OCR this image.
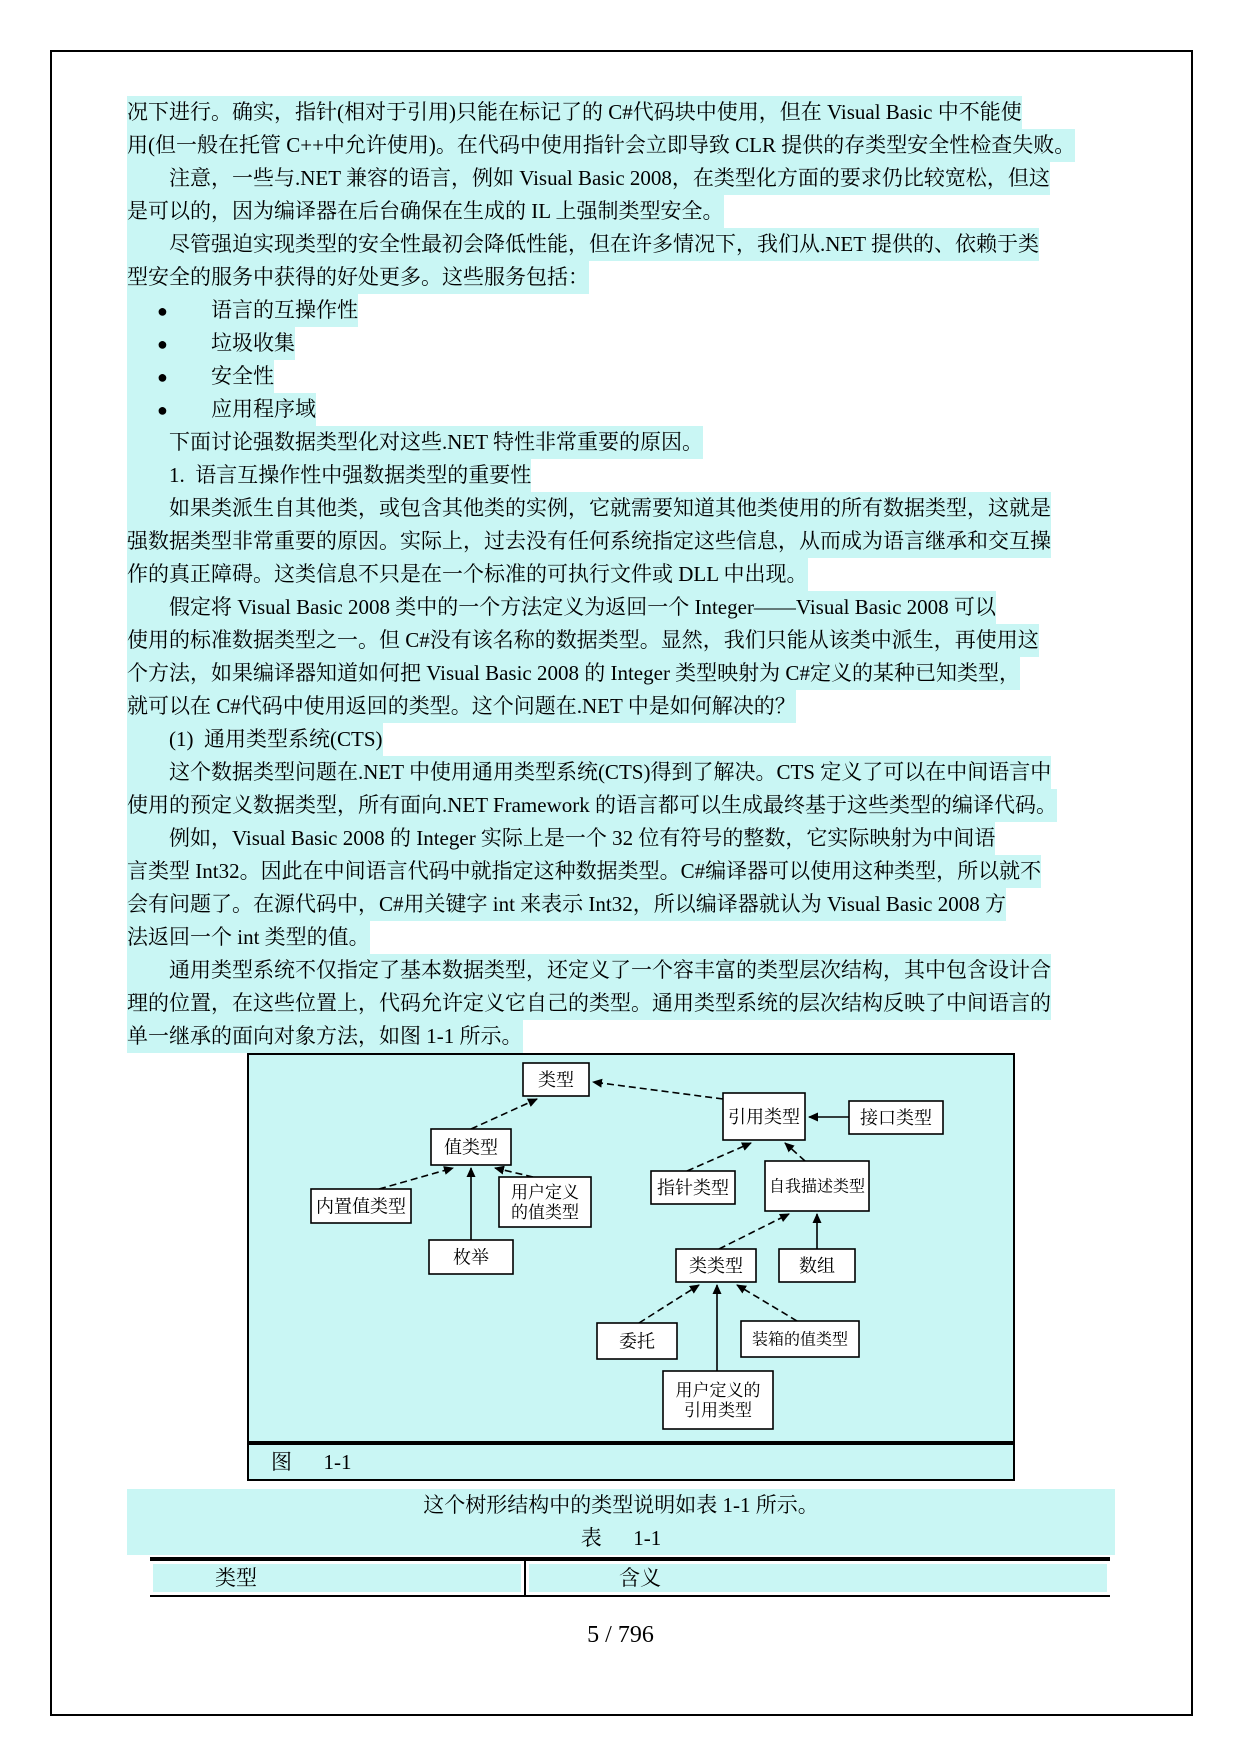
况下进行。确实，指针(相对于引用)只能在标记了的 C#代码块中使用，但在 Visual Basic 中不能使
用(但一般在托管 C++中允许使用)。在代码中使用指针会立即导致 CLR 提供的存类型安全性检查失败。
注意，一些与.NET 兼容的语言，例如 Visual Basic 2008，在类型化方面的要求仍比较宽松，但这
是可以的，因为编译器在后台确保在生成的 IL 上强制类型安全。
尽管强迫实现类型的安全性最初会降低性能，但在许多情况下，我们从.NET 提供的、依赖于类
型安全的服务中获得的好处更多。这些服务包括：
● 语言的互操作性
● 垃圾收集
● 安全性
● 应用程序域
下面讨论强数据类型化对这些.NET 特性非常重要的原因。
1.  语言互操作性中强数据类型的重要性
如果类派生自其他类，或包含其他类的实例，它就需要知道其他类使用的所有数据类型，这就是
强数据类型非常重要的原因。实际上，过去没有任何系统指定这些信息，从而成为语言继承和交互操
作的真正障碍。这类信息不只是在一个标准的可执行文件或 DLL 中出现。
假定将 Visual Basic 2008 类中的一个方法定义为返回一个 Integer——Visual Basic 2008 可以
使用的标准数据类型之一。但 C#没有该名称的数据类型。显然，我们只能从该类中派生，再使用这
个方法，如果编译器知道如何把 Visual Basic 2008 的 Integer 类型映射为 C#定义的某种已知类型，
就可以在 C#代码中使用返回的类型。这个问题在.NET 中是如何解决的？
(1)  通用类型系统(CTS)
这个数据类型问题在.NET 中使用通用类型系统(CTS)得到了解决。CTS 定义了可以在中间语言中
使用的预定义数据类型，所有面向.NET Framework 的语言都可以生成最终基于这些类型的编译代码。
例如，Visual Basic 2008 的 Integer 实际上是一个 32 位有符号的整数，它实际映射为中间语
言类型 Int32。因此在中间语言代码中就指定这种数据类型。C#编译器可以使用这种类型，所以就不
会有问题了。在源代码中，C#用关键字 int 来表示 Int32，所以编译器就认为 Visual Basic 2008 方
法返回一个 int 类型的值。
通用类型系统不仅指定了基本数据类型，还定义了一个容丰富的类型层次结构，其中包含设计合
理的位置，在这些位置上，代码允许定义它自己的类型。通用类型系统的层次结构反映了中间语言的
单一继承的面向对象方法，如图 1-1 所示。
类型
值类型
引用类型	接口类型
指针类型 自我描述类型
内置值类型
用户定义的值类型
枚举	类类型	数组
委托	装箱的值类型
用户定义的引用类型
图　  1-1
这个树形结构中的类型说明如表 1-1 所示。
表　  1-1
类型	含义
5 / 796
